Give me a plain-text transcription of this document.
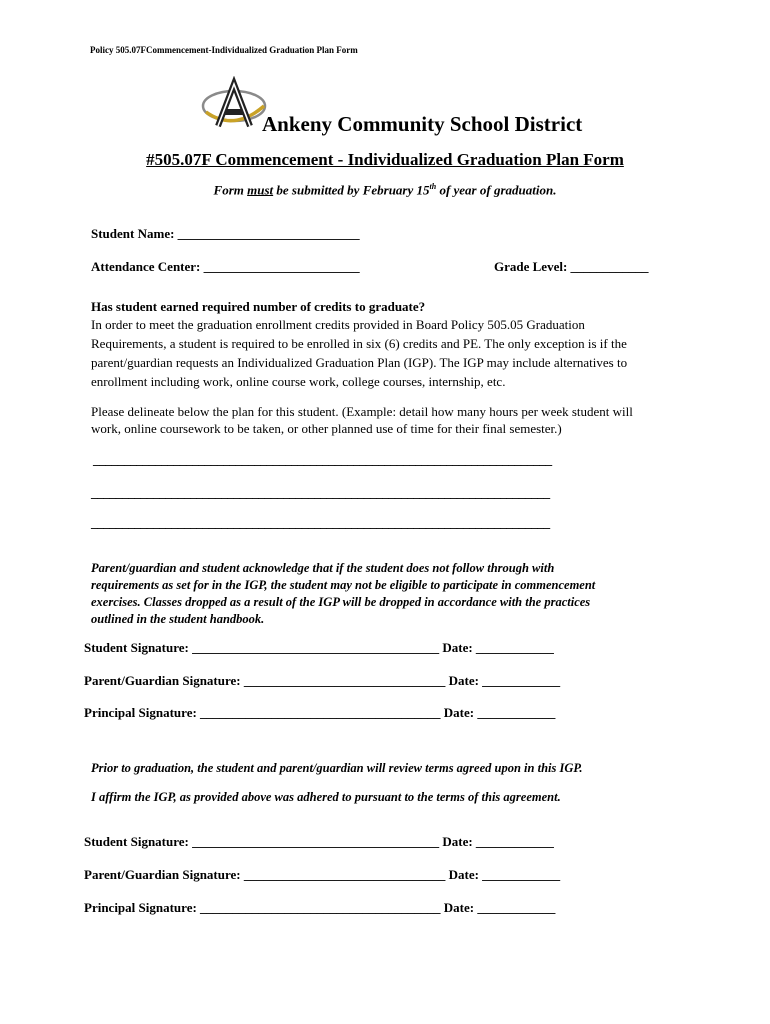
Policy 505.07FCommencement-Individualized Graduation Plan Form
Ankeny Community School District
#505.07F Commencement - Individualized Graduation Plan Form
Form must be submitted by February 15th of year of graduation.
Student Name: ____________________________
Attendance Center: ________________________	Grade Level: ____________
Has student earned required number of credits to graduate?
In order to meet the graduation enrollment credits provided in Board Policy 505.05 Graduation
Requirements, a student is required to be enrolled in six (6) credits and PE. The only exception is if the
parent/guardian requests an Individualized Graduation Plan (IGP). The IGP may include alternatives to
enrollment including work, online course work, college courses, internship, etc.
Please delineate below the plan for this student. (Example: detail how many hours per week student will
work, online coursework to be taken, or other planned use of time for their final semester.)
__________________________________________________________________________
__________________________________________________________________________
__________________________________________________________________________
Parent/guardian and student acknowledge that if the student does not follow through with
requirements as set for in the IGP, the student may not be eligible to participate in commencement
exercises. Classes dropped as a result of the IGP will be dropped in accordance with the practices
outlined in the student handbook.
Student Signature: ______________________________________ Date: ____________
Parent/Guardian Signature: _______________________________ Date: ____________
Principal Signature: _____________________________________ Date: ____________
Prior to graduation, the student and parent/guardian will review terms agreed upon in this IGP.
I affirm the IGP, as provided above was adhered to pursuant to the terms of this agreement.
Student Signature: ______________________________________ Date: ____________
Parent/Guardian Signature: _______________________________ Date: ____________
Principal Signature: _____________________________________ Date: ____________
